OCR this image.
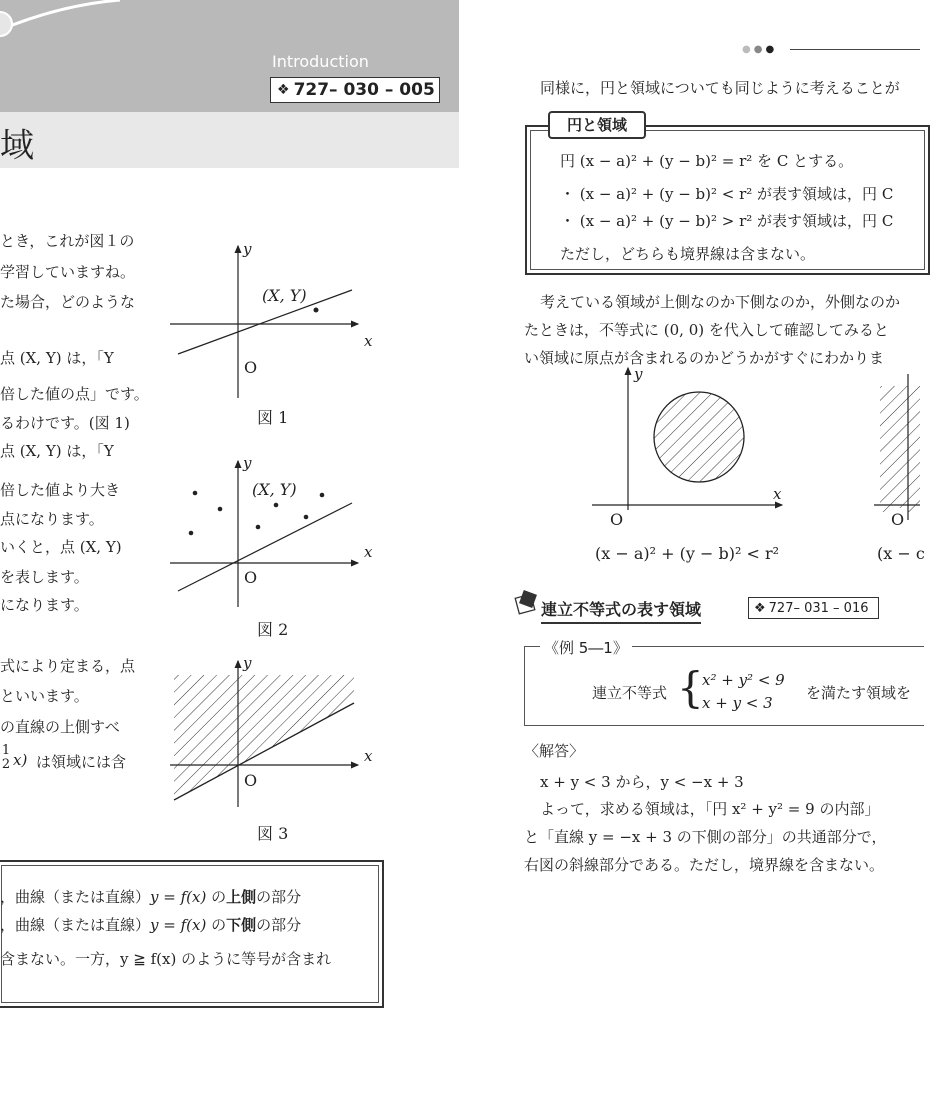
Introduction
❖ 727– 030 – 005
域
とき，これが図１の
学習していますね。
た場合，どのような
点 (X, Y) は，「Y
倍した値の点」です。
るわけです。(図 1)
点 (X, Y) は，「Y
倍した値より大き
点になります。
いくと，点 (X, Y)
を表します。
になります。
式により定まる，点
といいます。
の直線の上側すべ
1
2 x) は領域には含
x
y
O
(X, Y)
図 1
x
y
O
(X, Y)
図 2
x
y
O
図 3
，曲線（または直線）y = f(x) の上側の部分
，曲線（または直線）y = f(x) の下側の部分
含まない。一方，y ≧ f(x) のように等号が含まれ
●●●
同様に，円と領域についても同じように考えることが
円と領域
円 (x − a)² + (y − b)² = r² を C とする。
・ (x − a)² + (y − b)² < r² が表す領域は，円 C
・ (x − a)² + (y − b)² > r² が表す領域は，円 C
ただし，どちらも境界線は含まない。
考えている領域が上側なのか下側なのか，外側なのか
たときは，不等式に (0, 0) を代入して確認してみると
い領域に原点が含まれるのかどうかがすぐにわかりま
x
y
O
(x − a)² + (y − b)² < r²
O
(x − c
連立不等式の表す領域	❖ 727– 031 – 016
《例 5―1》
連立不等式 {
x² + y² < 9
x + y < 3
を満たす領域を
〈解答〉
x + y < 3 から，y < −x + 3
よって，求める領域は，「円 x² + y² = 9 の内部」
と「直線 y = −x + 3 の下側の部分」の共通部分で，
右図の斜線部分である。ただし，境界線を含まない。
